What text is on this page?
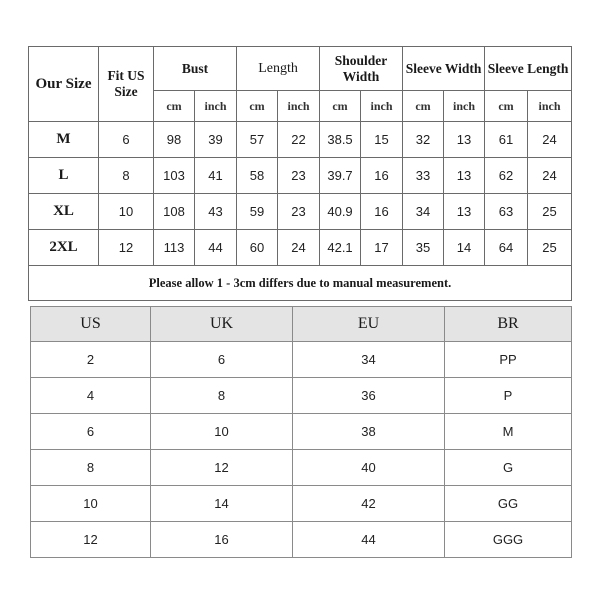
Our Size	Fit US Size	Bust		Length		Shoulder Width		Sleeve Width		Sleeve Length	
		cm	inch	cm	inch	cm	inch	cm	inch	cm	inch
M	6	98	39	57	22	38.5	15	32	13	61	24
L	8	103	41	58	23	39.7	16	33	13	62	24
XL	10	108	43	59	23	40.9	16	34	13	63	25
2XL	12	113	44	60	24	42.1	17	35	14	64	25
Please allow 1 - 3cm differs due to manual measurement.											
US	UK	EU	BR
2	6	34	PP
4	8	36	P
6	10	38	M
8	12	40	G
10	14	42	GG
12	16	44	GGG
